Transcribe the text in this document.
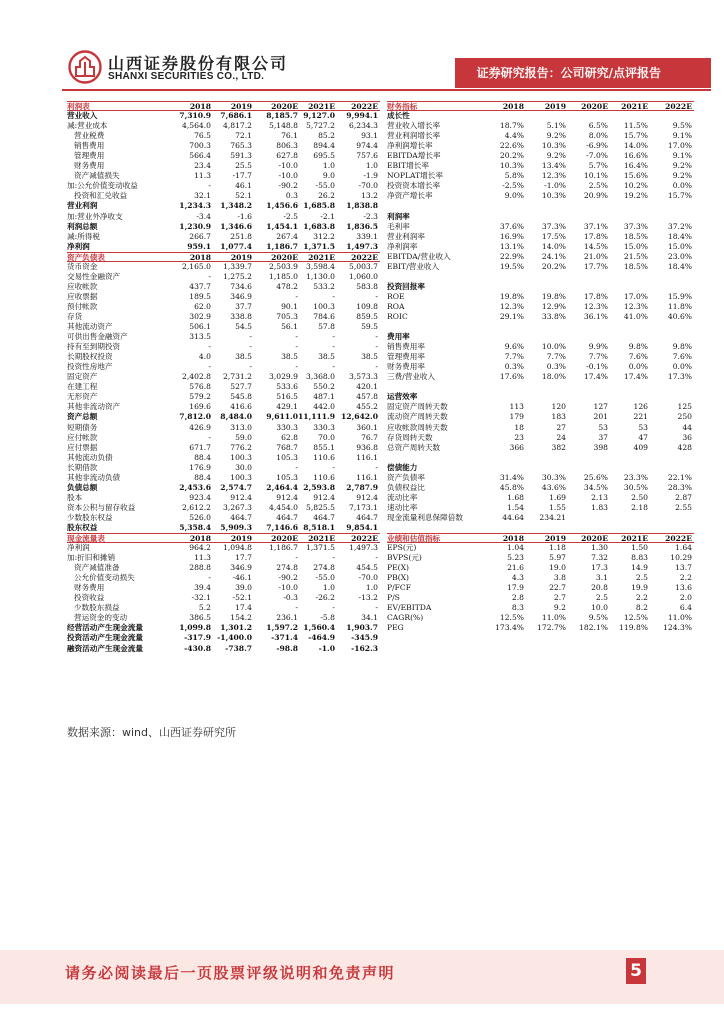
山西证券股份有限公司
SHANXI SECURITIES CO., LTD.	证券研究报告：公司研究/点评报告
利润表	2018	2019	2020E 2021E 2022E
营业收入	7,310.9 7,686.1 8,185.7 9,127.0 9,994.1
减:营业成本	4,564.0 4,817.2 5,148.8 5,727.2 6,234.3
营业税费	76.5	72.1	76.1	85.2	93.1
销售费用	700.3	765.3	806.3 894.4	974.4
管理费用	566.4	591.3	627.8 695.5	757.6
财务费用	23.4	25.5	-10.0	1.0	1.0
资产减值损失	11.3	-17.7	-10.0	9.0	-1.9
加:公允价值变动收益	-	46.1	-90.2 -55.0	-70.0
投资和汇兑收益	32.1	52.1	0.3	26.2	13.2
营业利润	1,234.3 1,348.2 1,456.6 1,685.8 1,838.8
加:营业外净收支	-3.4	-1.6	-2.5	-2.1	-2.3
利润总额	1,230.9 1,346.6 1,454.1 1,683.8 1,836.5
减:所得税	266.7	251.8	267.4 312.2	339.1
净利润	959.1 1,077.4 1,186.7 1,371.5 1,497.3
资产负债表	2018	2019	2020E 2021E 2022E
货币资金	2,165.0 1,339.7 2,503.9 3,598.4 5,003.7
交易性金融资产	- 1,275.2 1,185.0 1,130.0 1,060.0
应收帐款	437.7	734.6	478.2 533.2	583.8
应收票据	189.5	346.9	-	-	-
预付帐款	62.0	37.7	90.1 100.3	109.8
存货	302.9	338.8	705.3 784.6	859.5
其他流动资产	506.1	54.5	56.1	57.8	59.5
可供出售金融资产	313.5	-	-	-	-
持有至到期投资	-	-	-	-	-
长期股权投资	4.0	38.5	38.5	38.5	38.5
投资性房地产	-	-	-	-	-
固定资产	2,402.8 2,731.2 3,029.9 3,368.0 3,573.3
在建工程	576.8	527.7	533.6 550.2	420.1
无形资产	579.2	545.8	516.5 487.1	457.8
其他非流动资产	169.6	416.6	429.1 442.0	455.2
资产总额	7,812.0 8,484.0 9,611.0 11,111.9 12,642.0
短期债务	426.9	313.0	330.3 330.3	360.1
应付帐款	-	59.0	62.8	70.0	76.7
应付票据	671.7	776.2	768.7 855.1	936.8
其他流动负债	88.4	100.3	105.3 110.6	116.1
长期借款	176.9	30.0	-	-	-
其他非流动负债	88.4	100.3	105.3 110.6	116.1
负债总额	2,453.6 2,574.7 2,464.4 2,593.8 2,787.9
股本	923.4	912.4	912.4 912.4	912.4
资本公积与留存收益	2,612.2 3,267.3 4,454.0 5,825.5 7,173.1
少数股东权益	526.0	464.7	464.7 464.7	464.7
股东权益	5,358.4 5,909.3 7,146.6 8,518.1 9,854.1
现金流量表	2018	2019	2020E 2021E 2022E
净利润	964.2 1,094.8 1,186.7 1,371.5 1,497.3
加:折旧和摊销	11.3	17.7	-	-	-
资产减值准备	288.8	346.9	274.8 274.8	454.5
公允价值变动损失	-	-46.1	-90.2 -55.0	-70.0
财务费用	39.4	39.0	-10.0	1.0	1.0
投资收益	-32.1	-52.1	-0.3 -26.2	-13.2
少数股东损益	5.2	17.4	-	-	-
营运资金的变动	386.5	154.2	236.1	-5.8	34.1
经营活动产生现金流量	1,099.8 1,301.2 1,597.2 1,560.4 1,903.7
投资活动产生现金流量	-317.9 -1,400.0	-371.4 -464.9 -345.9
融资活动产生现金流量	-430.8 -738.7	-98.8	-1.0 -162.3
财务指标	2018	2019 2020E 2021E 2022E
成长性
营业收入增长率	18.7%	5.1%	6.5% 11.5%	9.5%
营业利润增长率	4.4%	9.2%	8.0% 15.7%	9.1%
净利润增长率	22.6% 10.3%	-6.9% 14.0%	17.0%
EBITDA增长率	20.2%	9.2%	-7.0% 16.6%	9.1%
EBIT增长率	10.3% 13.4%	5.7% 16.4%	9.2%
NOPLAT增长率	5.8% 12.3% 10.1% 15.6%	9.2%
投资资本增长率	-2.5%	-1.0%	2.5% 10.2%	0.0%
净资产增长率	9.0% 10.3% 20.9% 19.2%	15.7%
利润率
毛利率	37.6% 37.3% 37.1% 37.3%	37.2%
营业利润率	16.9% 17.5% 17.8% 18.5%	18.4%
净利润率	13.1% 14.0% 14.5% 15.0%	15.0%
EBITDA/营业收入	22.9% 24.1% 21.0% 21.5%	23.0%
EBIT/营业收入	19.5% 20.2% 17.7% 18.5%	18.4%
投资回报率
ROE	19.8% 19.8% 17.8% 17.0%	15.9%
ROA	12.3% 12.9% 12.3% 12.3%	11.8%
ROIC	29.1% 33.8% 36.1% 41.0%	40.6%
费用率
销售费用率	9.6% 10.0%	9.9%	9.8%	9.8%
管理费用率	7.7%	7.7%	7.7%	7.6%	7.6%
财务费用率	0.3%	0.3%	-0.1%	0.0%	0.0%
三费/营业收入	17.6% 18.0% 17.4% 17.4%	17.3%
运营效率
固定资产周转天数	113	120	127	126	125
流动资产周转天数	179	183	201	221	250
应收帐款周转天数	18	27	53	53	44
存货周转天数	23	24	37	47	36
总资产周转天数	366	382	398	409	428
偿债能力
资产负债率	31.4% 30.3% 25.6% 23.3%	22.1%
负债权益比	45.8% 43.6% 34.5% 30.5%	28.3%
流动比率	1.68	1.69	2.13	2.50	2.87
速动比率	1.54	1.55	1.83	2.18	2.55
现金流量利息保障倍数	44.64 234.21
业绩和估值指标	2018	2019 2020E 2021E 2022E
EPS(元)	1.04	1.18	1.30	1.50	1.64
BVPS(元)	5.23	5.97	7.32	8.83	10.29
PE(X)	21.6	19.0	17.3	14.9	13.7
PB(X)	4.3	3.8	3.1	2.5	2.2
P/FCF	17.9	22.7	20.8	19.9	13.6
P/S	2.8	2.7	2.5	2.2	2.0
EV/EBITDA	8.3	9.2	10.0	8.2	6.4
CAGR(%)	12.5% 11.0%	9.5% 12.5%	11.0%
PEG	173.4% 172.7% 182.1% 119.8% 124.3%
数据来源：wind、山西证券研究所
请务必阅读最后一页股票评级说明和免责声明	5
